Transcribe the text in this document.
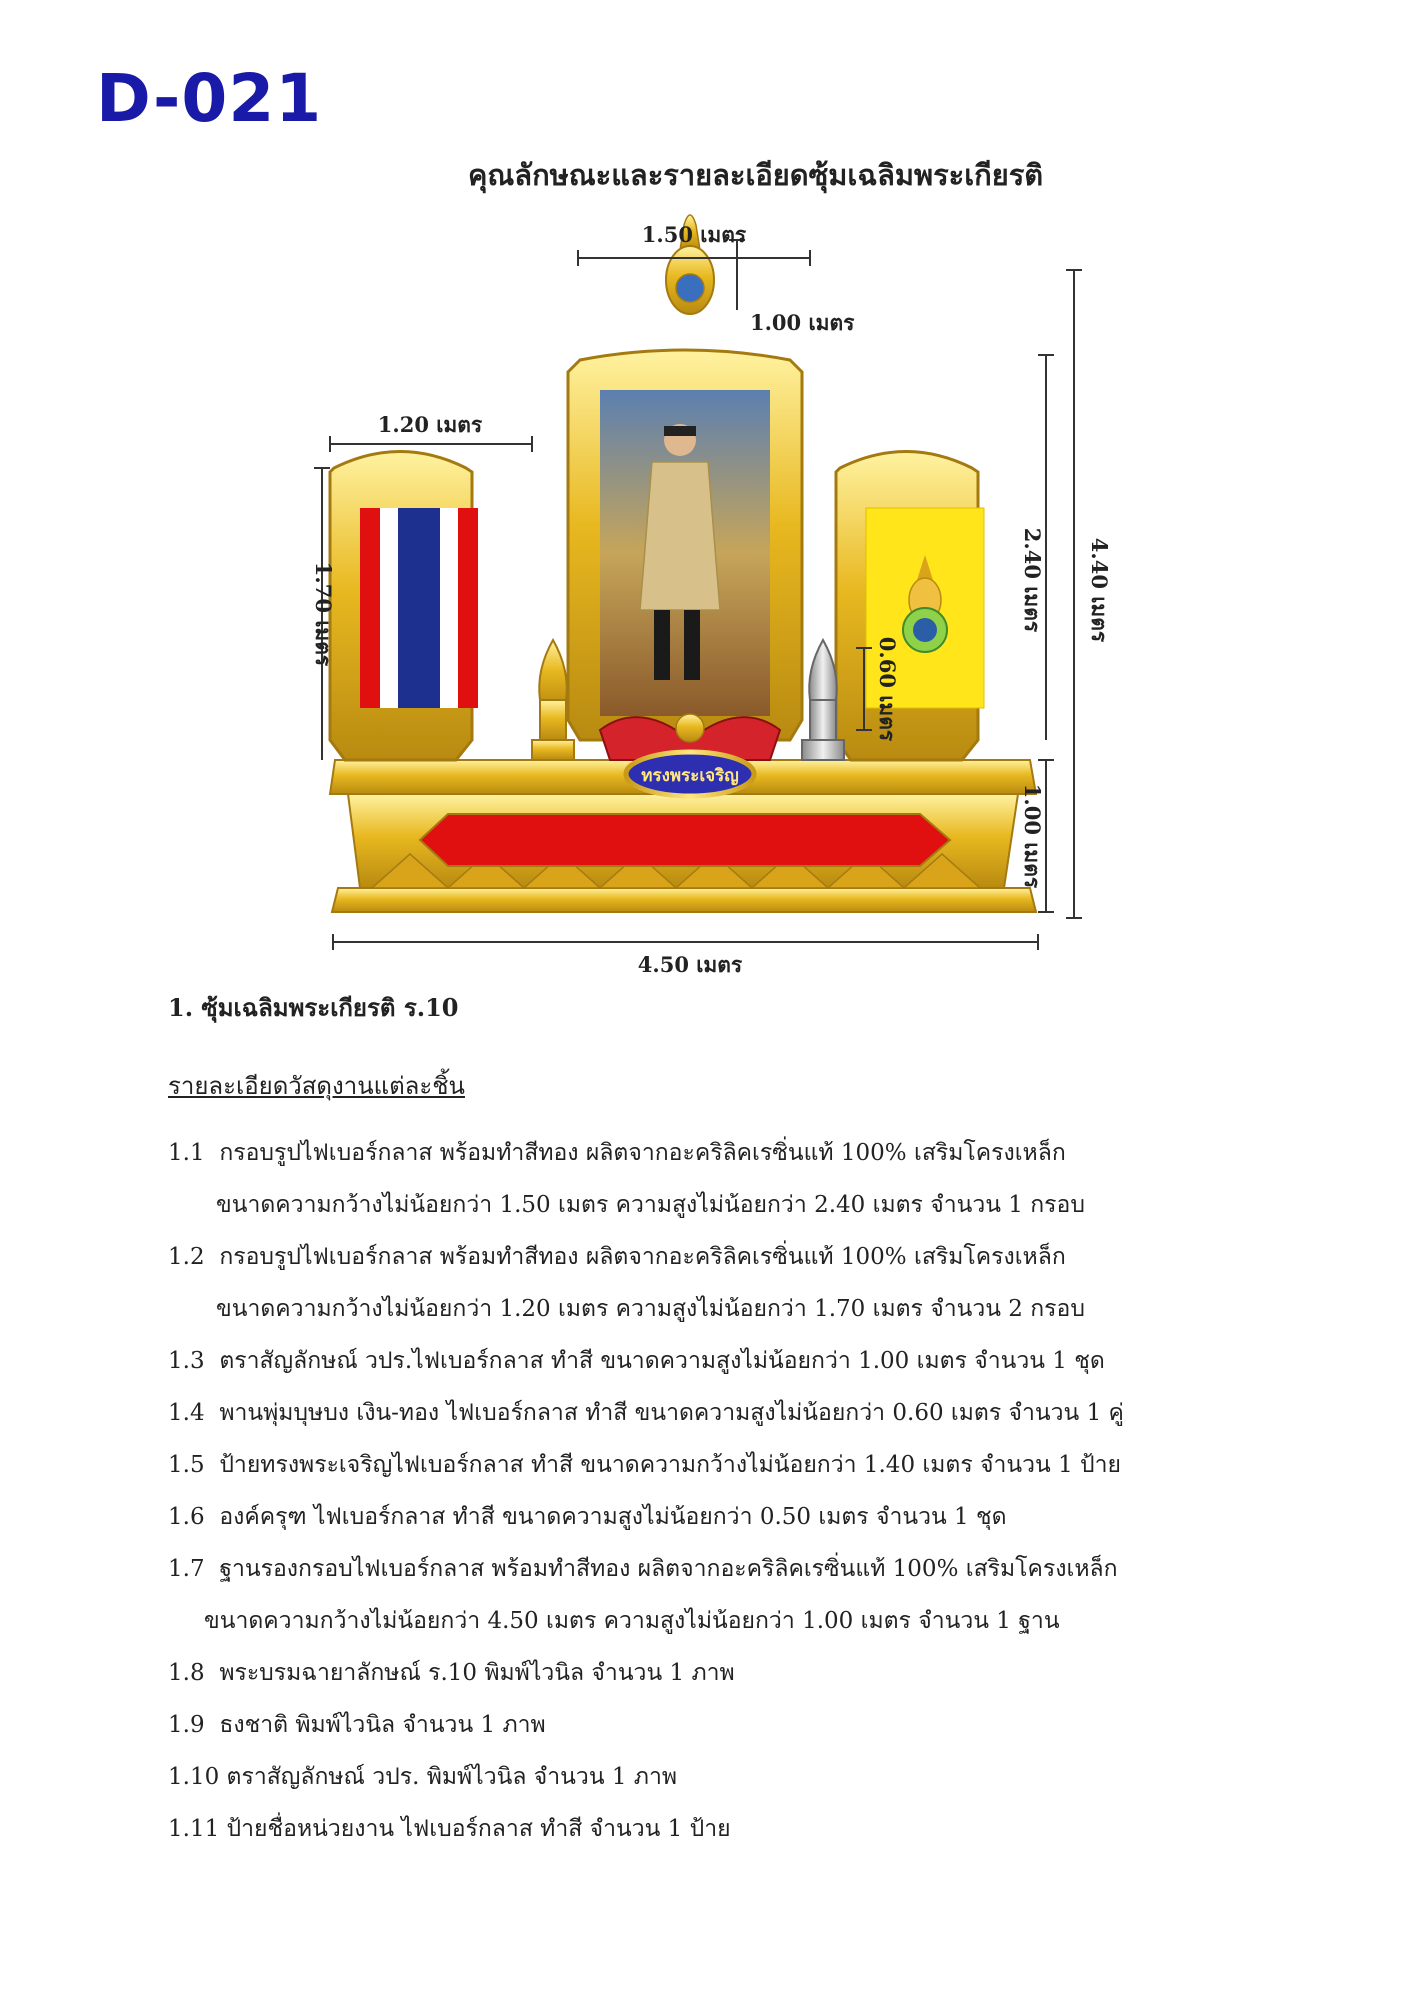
D-021
คุณลักษณะและรายละเอียดซุ้มเฉลิมพระเกียรติ
ทรงพระเจริญ
1.50 เมตร
1.00 เมตร
1.20 เมตร
1.70 เมตร
0.60 เมตร
2.40 เมตร 4.40 เมตร
1.00 เมตร
4.50 เมตร
1. ซุ้มเฉลิมพระเกียรติ ร.10
รายละเอียดวัสดุงานแต่ละชิ้น
1.1 กรอบรูปไฟเบอร์กลาส พร้อมทำสีทอง ผลิตจากอะคริลิคเรซิ่นแท้ 100% เสริมโครงเหล็ก
ขนาดความกว้างไม่น้อยกว่า 1.50 เมตร ความสูงไม่น้อยกว่า 2.40 เมตร จำนวน 1 กรอบ
1.2 กรอบรูปไฟเบอร์กลาส พร้อมทำสีทอง ผลิตจากอะคริลิคเรซิ่นแท้ 100% เสริมโครงเหล็ก
ขนาดความกว้างไม่น้อยกว่า 1.20 เมตร ความสูงไม่น้อยกว่า 1.70 เมตร จำนวน 2 กรอบ
1.3 ตราสัญลักษณ์ วปร.ไฟเบอร์กลาส ทำสี ขนาดความสูงไม่น้อยกว่า 1.00 เมตร จำนวน 1 ชุด
1.4 พานพุ่มบุษบง เงิน-ทอง ไฟเบอร์กลาส ทำสี ขนาดความสูงไม่น้อยกว่า 0.60 เมตร จำนวน 1 คู่
1.5 ป้ายทรงพระเจริญไฟเบอร์กลาส ทำสี ขนาดความกว้างไม่น้อยกว่า 1.40 เมตร จำนวน 1 ป้าย
1.6 องค์ครุฑ ไฟเบอร์กลาส ทำสี ขนาดความสูงไม่น้อยกว่า 0.50 เมตร จำนวน 1 ชุด
1.7 ฐานรองกรอบไฟเบอร์กลาส พร้อมทำสีทอง ผลิตจากอะคริลิคเรซิ่นแท้ 100% เสริมโครงเหล็ก
ขนาดความกว้างไม่น้อยกว่า 4.50 เมตร ความสูงไม่น้อยกว่า 1.00 เมตร จำนวน 1 ฐาน
1.8 พระบรมฉายาลักษณ์ ร.10 พิมพ์ไวนิล จำนวน 1 ภาพ
1.9 ธงชาติ พิมพ์ไวนิล จำนวน 1 ภาพ
1.10 ตราสัญลักษณ์ วปร. พิมพ์ไวนิล จำนวน 1 ภาพ
1.11 ป้ายชื่อหน่วยงาน ไฟเบอร์กลาส ทำสี จำนวน 1 ป้าย
